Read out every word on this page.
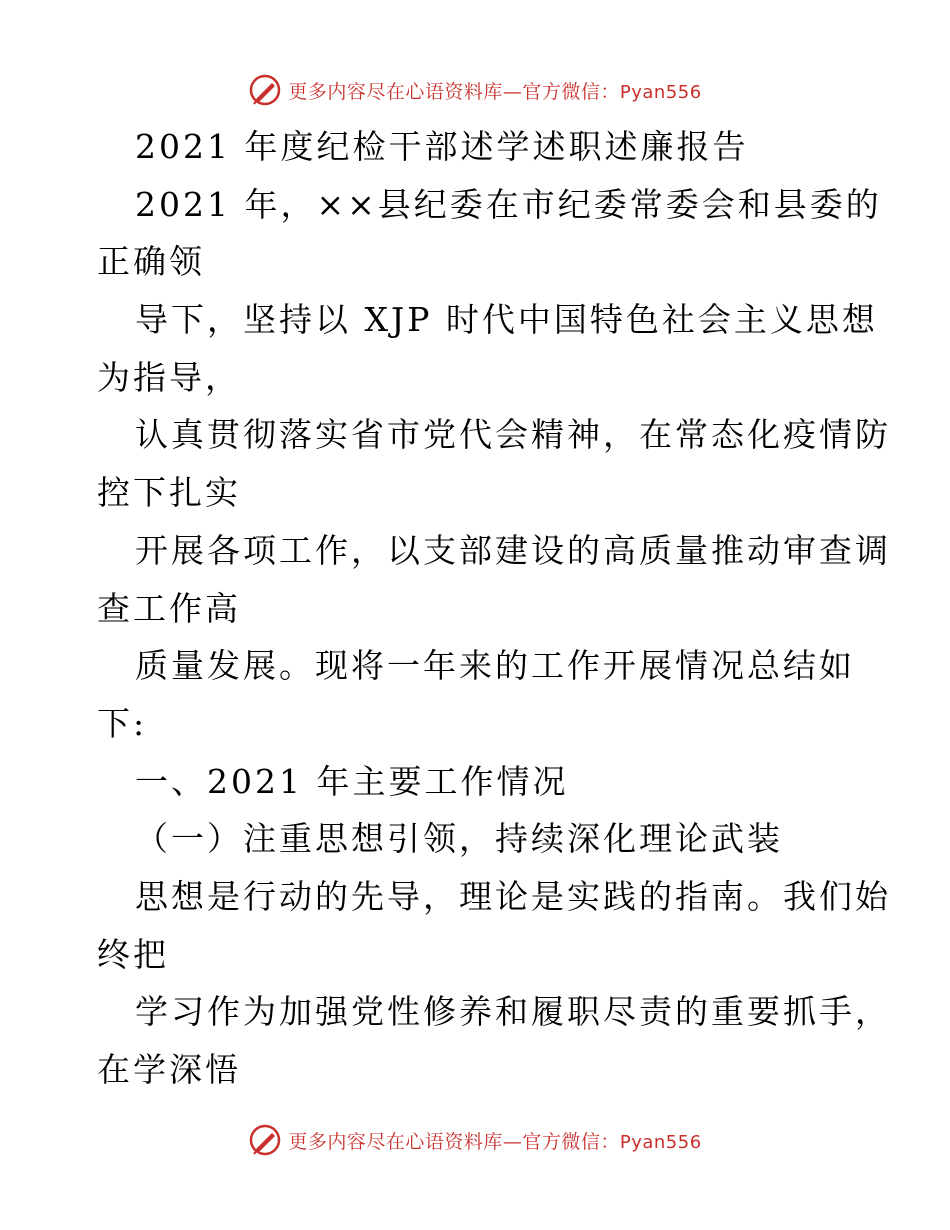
更多内容尽在心语资料库—官方微信：Pyan556
2021 年度纪检干部述学述职述廉报告
2021 年，××县纪委在市纪委常委会和县委的
正确领
导下，坚持以 XJP 时代中国特色社会主义思想
为指导，
认真贯彻落实省市党代会精神，在常态化疫情防
控下扎实
开展各项工作，以支部建设的高质量推动审查调
查工作高
质量发展。现将一年来的工作开展情况总结如
下:
一、2021 年主要工作情况
（一）注重思想引领，持续深化理论武装
思想是行动的先导，理论是实践的指南。我们始
终把
学习作为加强党性修养和履职尽责的重要抓手，
在学深悟
更多内容尽在心语资料库—官方微信：Pyan556
